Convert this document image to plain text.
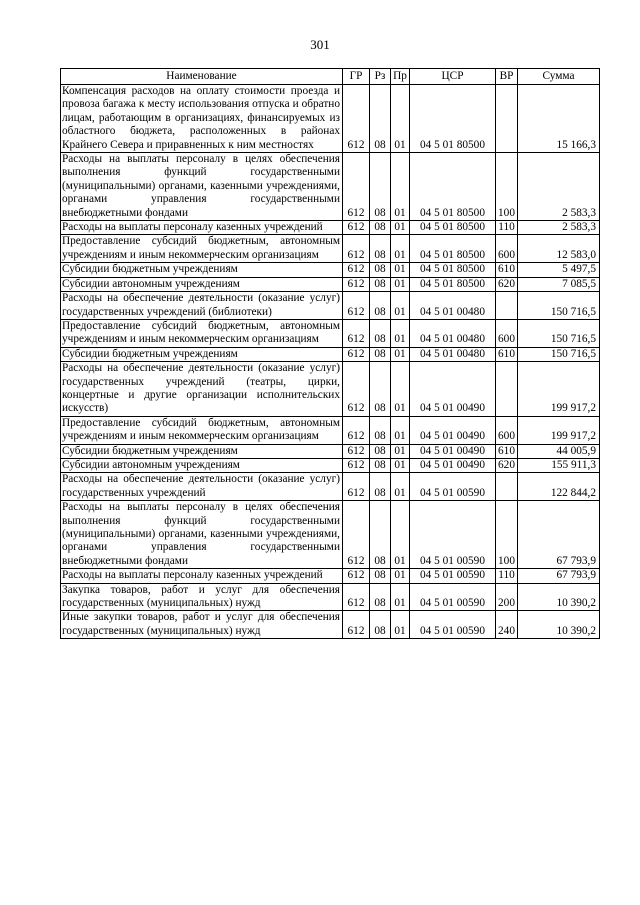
301
Наименование	ГР	Рз	Пр	ЦСР	ВР	Сумма
Компенсация расходов на оплату стоимости проезда и провоза багажа к месту использования отпуска и обратно лицам, работающим в организациях, финансируемых из областного бюджета, расположенных в районах Крайнего Севера и приравненных к ним местностях	612	08	01	04 5 01 80500		15 166,3
Расходы на выплаты персоналу в целях обеспечения выполнения функций государственными (муниципальными) органами, казенными учреждениями, органами управления государственными внебюджетными фондами	612	08	01	04 5 01 80500	100	2 583,3
Расходы на выплаты персоналу казенных учреждений	612	08	01	04 5 01 80500	110	2 583,3
Предоставление субсидий бюджетным, автономным учреждениям и иным некоммерческим организациям	612	08	01	04 5 01 80500	600	12 583,0
Субсидии бюджетным учреждениям	612	08	01	04 5 01 80500	610	5 497,5
Субсидии автономным учреждениям	612	08	01	04 5 01 80500	620	7 085,5
Расходы на обеспечение деятельности (оказание услуг) государственных учреждений (библиотеки)	612	08	01	04 5 01 00480		150 716,5
Предоставление субсидий бюджетным, автономным учреждениям и иным некоммерческим организациям	612	08	01	04 5 01 00480	600	150 716,5
Субсидии бюджетным учреждениям	612	08	01	04 5 01 00480	610	150 716,5
Расходы на обеспечение деятельности (оказание услуг) государственных учреждений (театры, цирки, концертные и другие организации исполнительских искусств)	612	08	01	04 5 01 00490		199 917,2
Предоставление субсидий бюджетным, автономным учреждениям и иным некоммерческим организациям	612	08	01	04 5 01 00490	600	199 917,2
Субсидии бюджетным учреждениям	612	08	01	04 5 01 00490	610	44 005,9
Субсидии автономным учреждениям	612	08	01	04 5 01 00490	620	155 911,3
Расходы на обеспечение деятельности (оказание услуг) государственных учреждений	612	08	01	04 5 01 00590		122 844,2
Расходы на выплаты персоналу в целях обеспечения выполнения функций государственными (муниципальными) органами, казенными учреждениями, органами управления государственными внебюджетными фондами	612	08	01	04 5 01 00590	100	67 793,9
Расходы на выплаты персоналу казенных учреждений	612	08	01	04 5 01 00590	110	67 793,9
Закупка товаров, работ и услуг для обеспечения государственных (муниципальных) нужд	612	08	01	04 5 01 00590	200	10 390,2
Иные закупки товаров, работ и услуг для обеспечения государственных (муниципальных) нужд	612	08	01	04 5 01 00590	240	10 390,2
